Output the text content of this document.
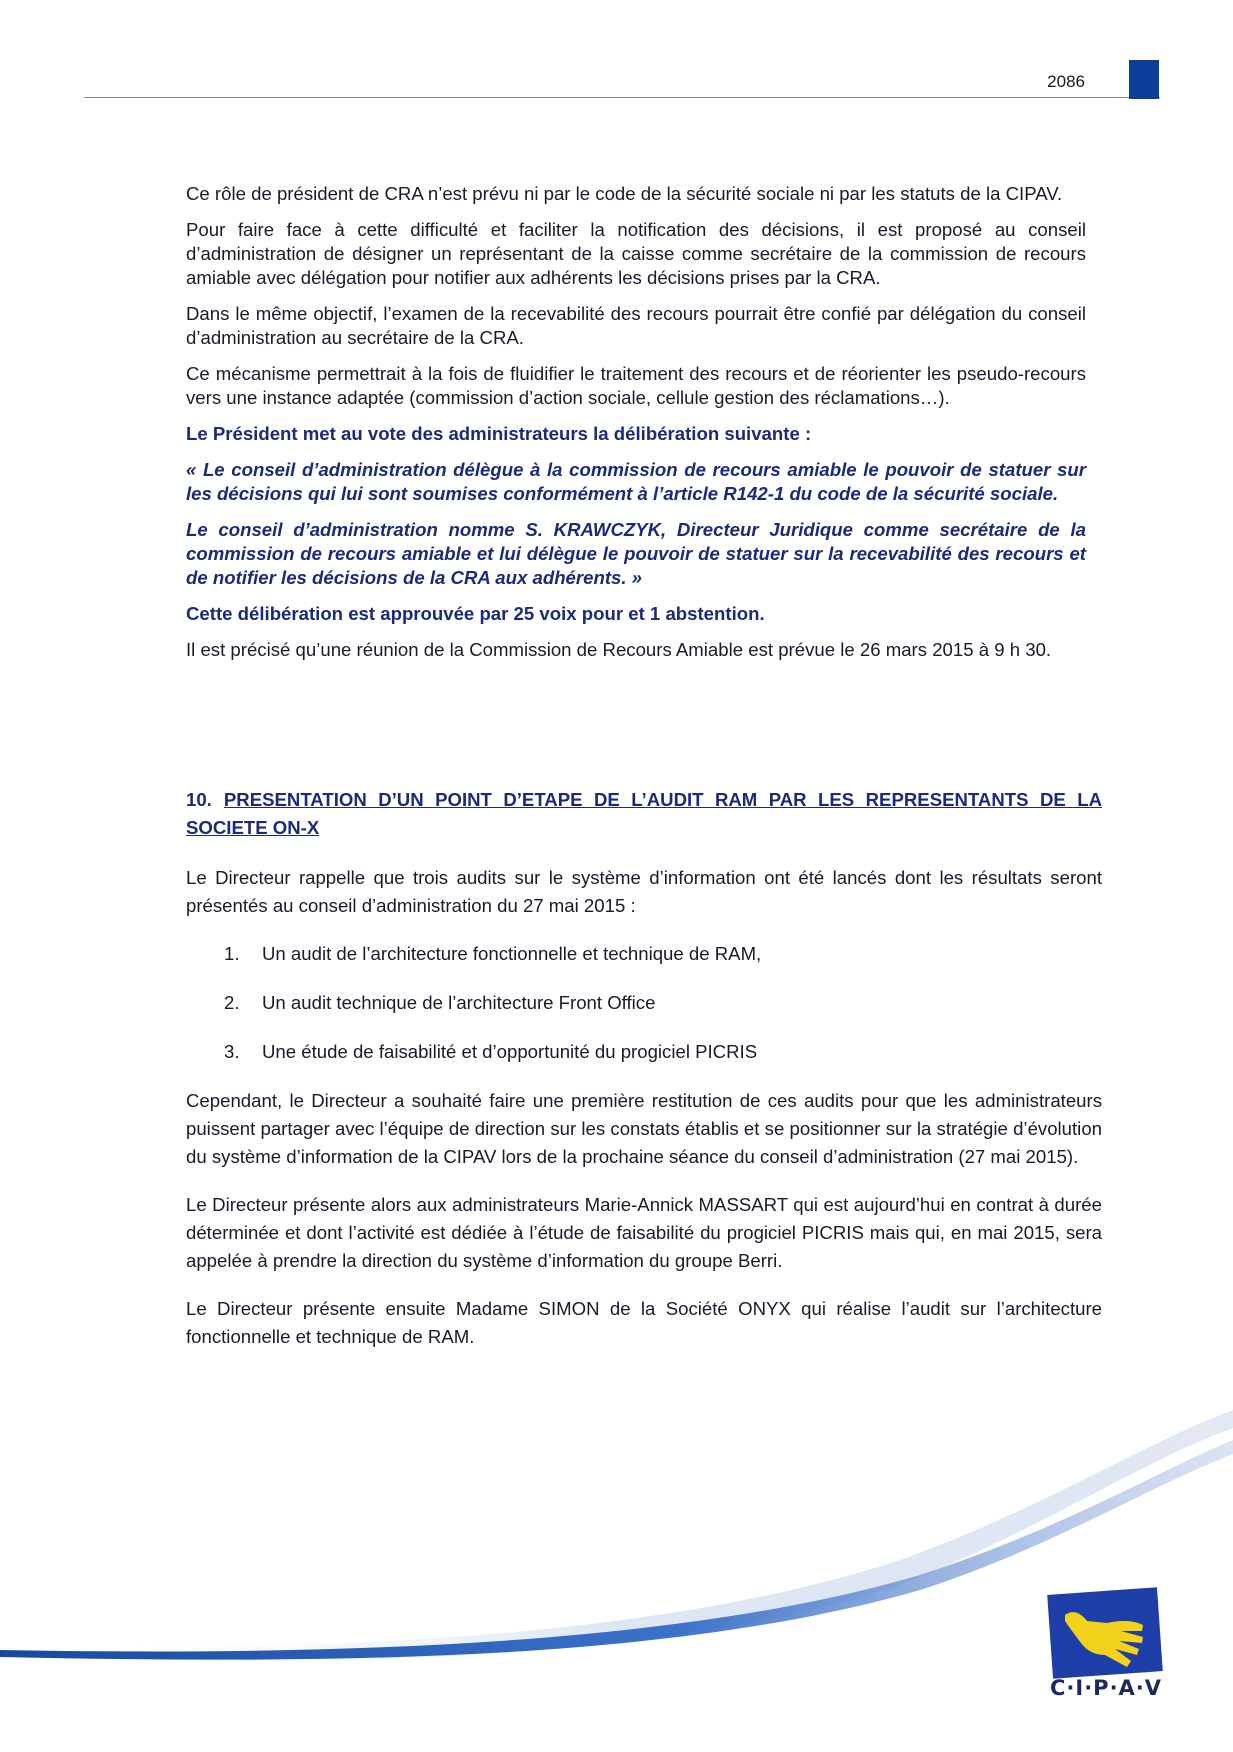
2086

Ce rôle de président de CRA n’est prévu ni par le code de la sécurité sociale ni par les statuts de la CIPAV.

Pour faire face à cette difficulté et faciliter la notification des décisions, il est proposé au conseil d’administration de désigner un représentant de la caisse comme secrétaire de la commission de recours amiable avec délégation pour notifier aux adhérents les décisions prises par la CRA.

Dans le même objectif, l’examen de la recevabilité des recours pourrait être confié par délégation du conseil d’administration au secrétaire de la CRA.

Ce mécanisme permettrait à la fois de fluidifier le traitement des recours et de réorienter les pseudo-recours vers une instance adaptée (commission d’action sociale, cellule gestion des réclamations…).

Le Président met au vote des administrateurs la délibération suivante :

« Le conseil d’administration délègue à la commission de recours amiable le pouvoir de statuer sur les décisions qui lui sont soumises conformément à l’article R142-1 du code de la sécurité sociale.

Le conseil d’administration nomme S. KRAWCZYK, Directeur Juridique comme secrétaire de la commission de recours amiable et lui délègue le pouvoir de statuer sur la recevabilité des recours et de notifier les décisions de la CRA aux adhérents. »

Cette délibération est approuvée par 25 voix pour et 1 abstention.

Il est précisé qu’une réunion de la Commission de Recours Amiable est prévue le 26 mars 2015 à 9 h 30.

10. PRESENTATION D’UN POINT D’ETAPE DE L’AUDIT RAM PAR LES REPRESENTANTS DE LA SOCIETE ON-X

Le Directeur rappelle que trois audits sur le système d’information ont été lancés dont les résultats seront présentés au conseil d’administration du 27 mai 2015 :

1.	Un audit de l’architecture fonctionnelle et technique de RAM,
2.	Un audit technique de l’architecture Front Office
3.	Une étude de faisabilité et d’opportunité du progiciel PICRIS

Cependant, le Directeur a souhaité faire une première restitution de ces audits pour que les administrateurs puissent partager avec l’équipe de direction sur les constats établis et se positionner sur la stratégie d’évolution du système d’information de la CIPAV lors de la prochaine séance du conseil d’administration (27 mai 2015).

Le Directeur présente alors aux administrateurs Marie-Annick MASSART qui est aujourd’hui en contrat à durée déterminée et dont l’activité est dédiée à l’étude de faisabilité du progiciel PICRIS mais qui, en mai 2015, sera appelée à prendre la direction du système d’information du groupe Berri.

Le Directeur présente ensuite Madame SIMON de la Société ONYX qui réalise l’audit sur l’architecture fonctionnelle et technique de RAM.

C·I·P·A·V
